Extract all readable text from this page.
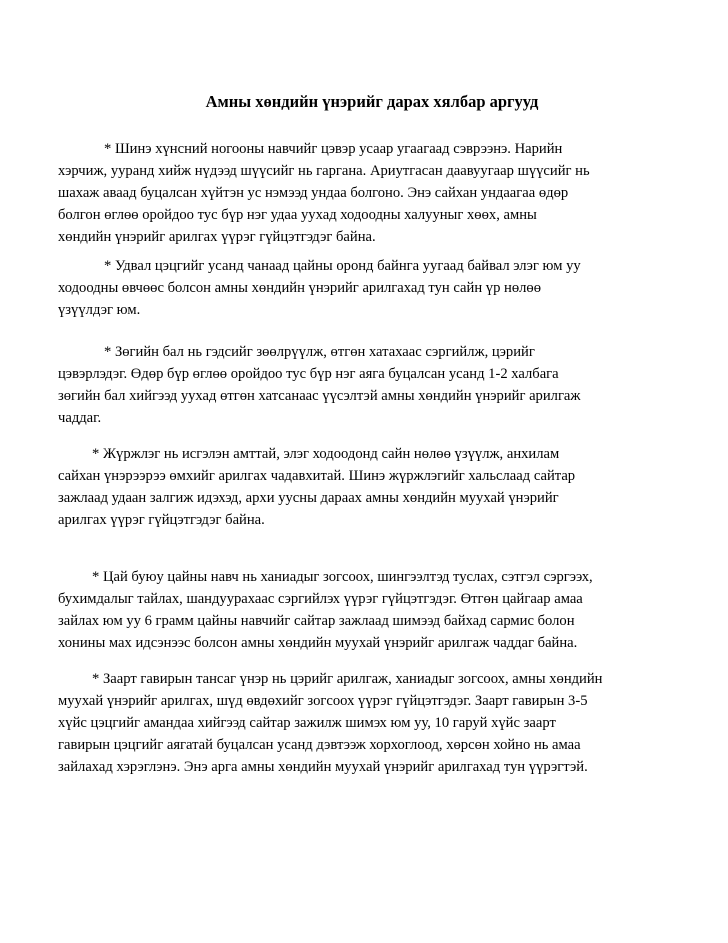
Амны хөндийн үнэрийг дарах хялбар аргууд

* Шинэ хүнсний ногооны навчийг цэвэр усаар угаагаад сэврээнэ. Нарийн
хэрчиж, ууранд хийж нүдээд шүүсийг нь гаргана. Ариутгасан даавуугаар шүүсийг нь
шахаж аваад буцалсан хүйтэн ус нэмээд ундаа болгоно. Энэ сайхан ундаагаа өдөр
болгон өглөө оройдоо тус бүр нэг удаа уухад ходоодны халууныг хөөх, амны
хөндийн үнэрийг арилгах үүрэг гүйцэтгэдэг байна.

* Удвал цэцгийг усанд чанаад цайны оронд байнга уугаад байвал элэг юм уу
ходоодны өвчөөс болсон амны хөндийн үнэрийг арилгахад тун сайн үр нөлөө
үзүүлдэг юм.

* Зөгийн бал нь гэдсийг зөөлрүүлж, өтгөн хатахаас сэргийлж, цэрийг
цэвэрлэдэг. Өдөр бүр өглөө оройдоо тус бүр нэг аяга буцалсан усанд 1-2 халбага
зөгийн бал хийгээд уухад өтгөн хатсанаас үүсэлтэй амны хөндийн үнэрийг арилгаж
чаддаг.

* Жүржлэг нь исгэлэн амттай, элэг ходоодонд сайн нөлөө үзүүлж, анхилам
сайхан үнэрээрээ өмхийг арилгах чадавхитай. Шинэ жүржлэгийг хальслаад сайтар
зажлаад удаан залгиж идэхэд, архи уусны дараах амны хөндийн муухай үнэрийг
арилгах үүрэг гүйцэтгэдэг байна.

* Цай буюу цайны навч нь ханиадыг зогсоох, шингээлтэд туслах, сэтгэл сэргээх,
бухимдалыг тайлах, шандуурахаас сэргийлэх үүрэг гүйцэтгэдэг. Өтгөн цайгаар амаа
зайлах юм уу 6 грамм цайны навчийг сайтар зажлаад шимээд байхад сармис болон
хонины мах идсэнээс болсон амны хөндийн муухай үнэрийг арилгаж чаддаг байна.

* Заарт гавирын тансаг үнэр нь цэрийг арилгаж, ханиадыг зогсоох, амны хөндийн
муухай үнэрийг арилгах, шүд өвдөхийг зогсоох үүрэг гүйцэтгэдэг. Заарт гавирын 3-5
хүйс цэцгийг амандаа хийгээд сайтар зажилж шимэх юм уу, 10 гаруй хүйс заарт
гавирын цэцгийг аягатай буцалсан усанд дэвтээж хорхоглоод, хөрсөн хойно нь амаа
зайлахад хэрэглэнэ. Энэ арга амны хөндийн муухай үнэрийг арилгахад тун үүрэгтэй.
